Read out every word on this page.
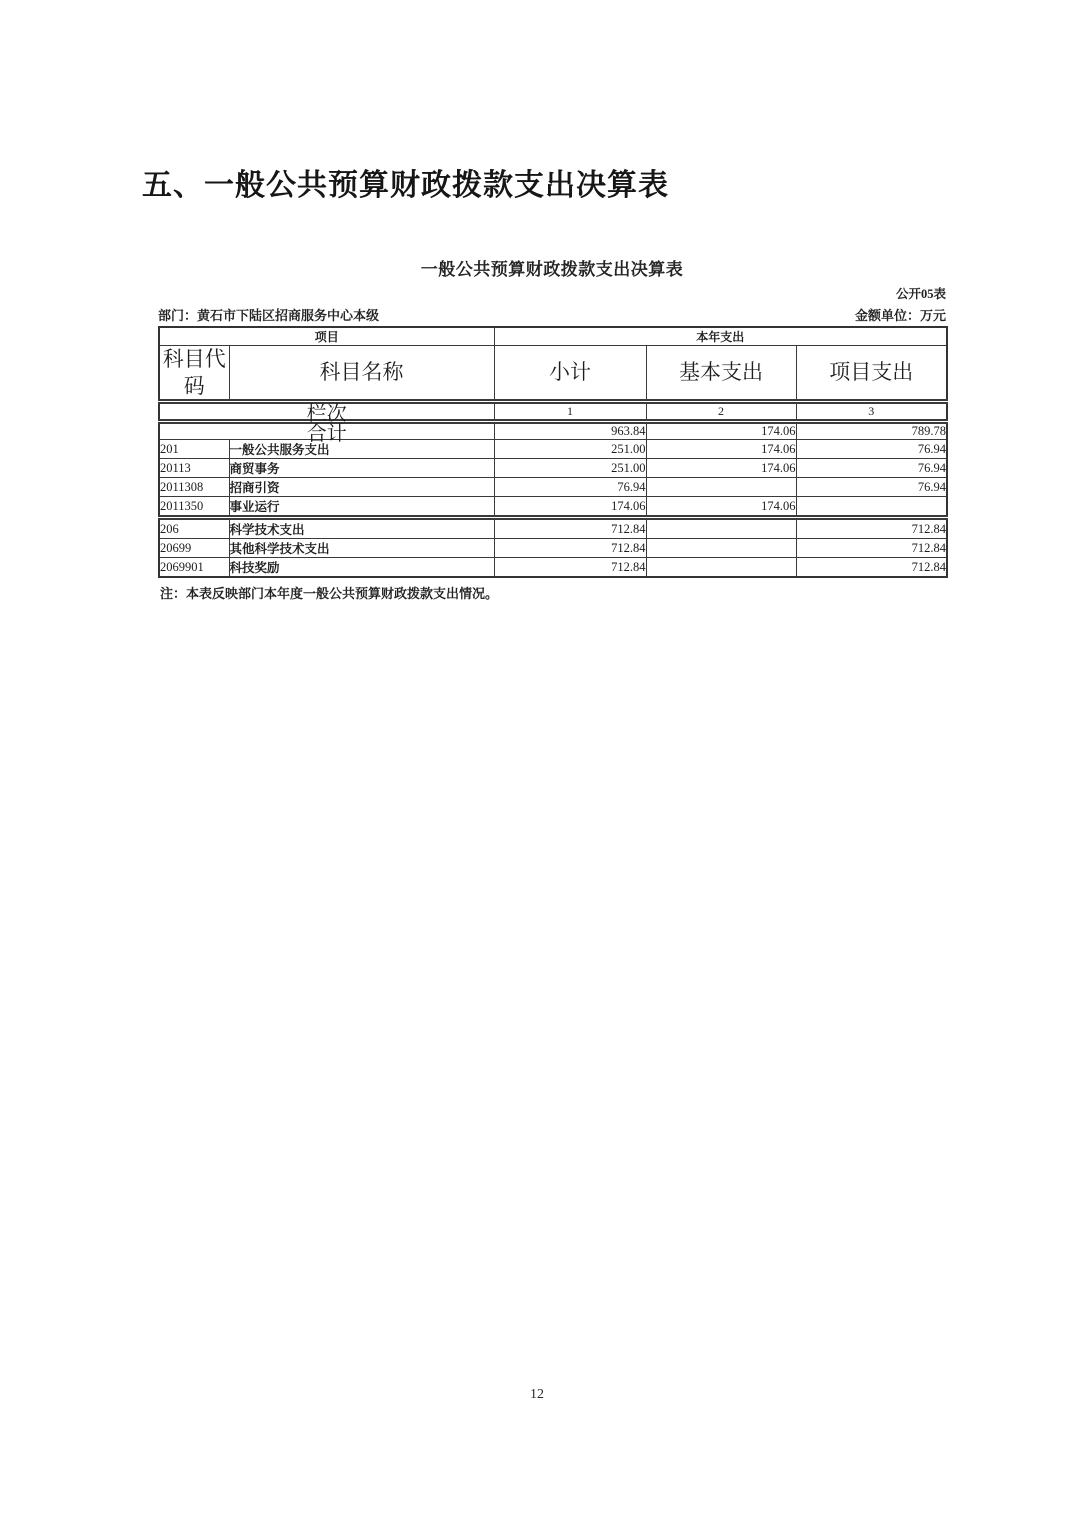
五、一般公共预算财政拨款支出决算表
一般公共预算财政拨款支出决算表
公开05表
部门：黄石市下陆区招商服务中心本级	金额单位：万元
项目		本年支出		
科目代码	科目名称	小计	基本支出	项目支出

栏次		1	2	3

合计		963.84	174.06	789.78
201	一般公共服务支出	251.00	174.06	76.94
20113	商贸事务	251.00	174.06	76.94
2011308	招商引资	76.94		76.94
2011350	事业运行	174.06	174.06	
206	科学技术支出	712.84		712.84
20699	其他科学技术支出	712.84		712.84
2069901	科技奖励	712.84		712.84
注：本表反映部门本年度一般公共预算财政拨款支出情况。
12
